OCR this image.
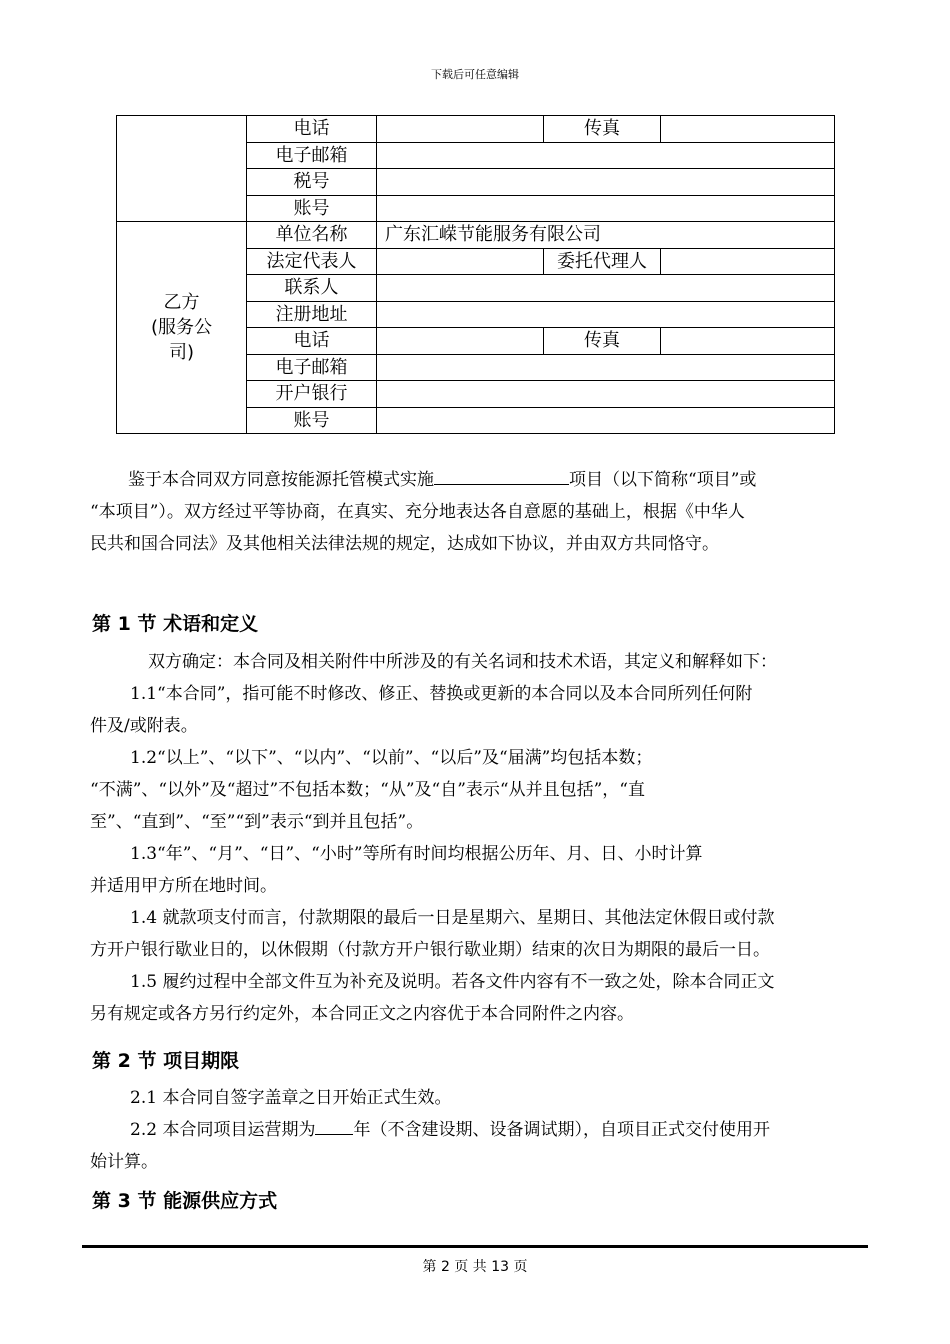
下载后可任意编辑
	电话		传真	
	电子邮箱			
	税号			
	账号			

乙方
(服务公
司)	单位名称	广东汇嵘节能服务有限公司		
	法定代表人		委托代理人	
	联系人			
	注册地址			
	电话		传真	
	电子邮箱			
	开户银行			
	账号			
鉴于本合同双方同意按能源托管模式实施	项目（以下简称“项目”或
“本项目”）。双方经过平等协商，在真实、充分地表达各自意愿的基础上，根据《中华人
民共和国合同法》及其他相关法律法规的规定，达成如下协议，并由双方共同恪守。
第 1 节 术语和定义
双方确定：本合同及相关附件中所涉及的有关名词和技术术语，其定义和解释如下：
1.1“本合同”，指可能不时修改、修正、替换或更新的本合同以及本合同所列任何附
件及/或附表。
1.2“以上”、“以下”、“以内”、“以前”、“以后”及“届满”均包括本数；
“不满”、“以外”及“超过”不包括本数；“从”及“自”表示“从并且包括”，“直
至”、“直到”、“至”“到”表示“到并且包括”。
1.3“年”、“月”、“日”、“小时”等所有时间均根据公历年、月、日、小时计算
并适用甲方所在地时间。
1.4 就款项支付而言，付款期限的最后一日是星期六、星期日、其他法定休假日或付款
方开户银行歇业日的，以休假期（付款方开户银行歇业期）结束的次日为期限的最后一日。
1.5 履约过程中全部文件互为补充及说明。若各文件内容有不一致之处，除本合同正文
另有规定或各方另行约定外，本合同正文之内容优于本合同附件之内容。
第 2 节 项目期限
2.1 本合同自签字盖章之日开始正式生效。
2.2 本合同项目运营期为 年（不含建设期、设备调试期），自项目正式交付使用开
始计算。
第 3 节 能源供应方式
第 2 页 共 13 页
